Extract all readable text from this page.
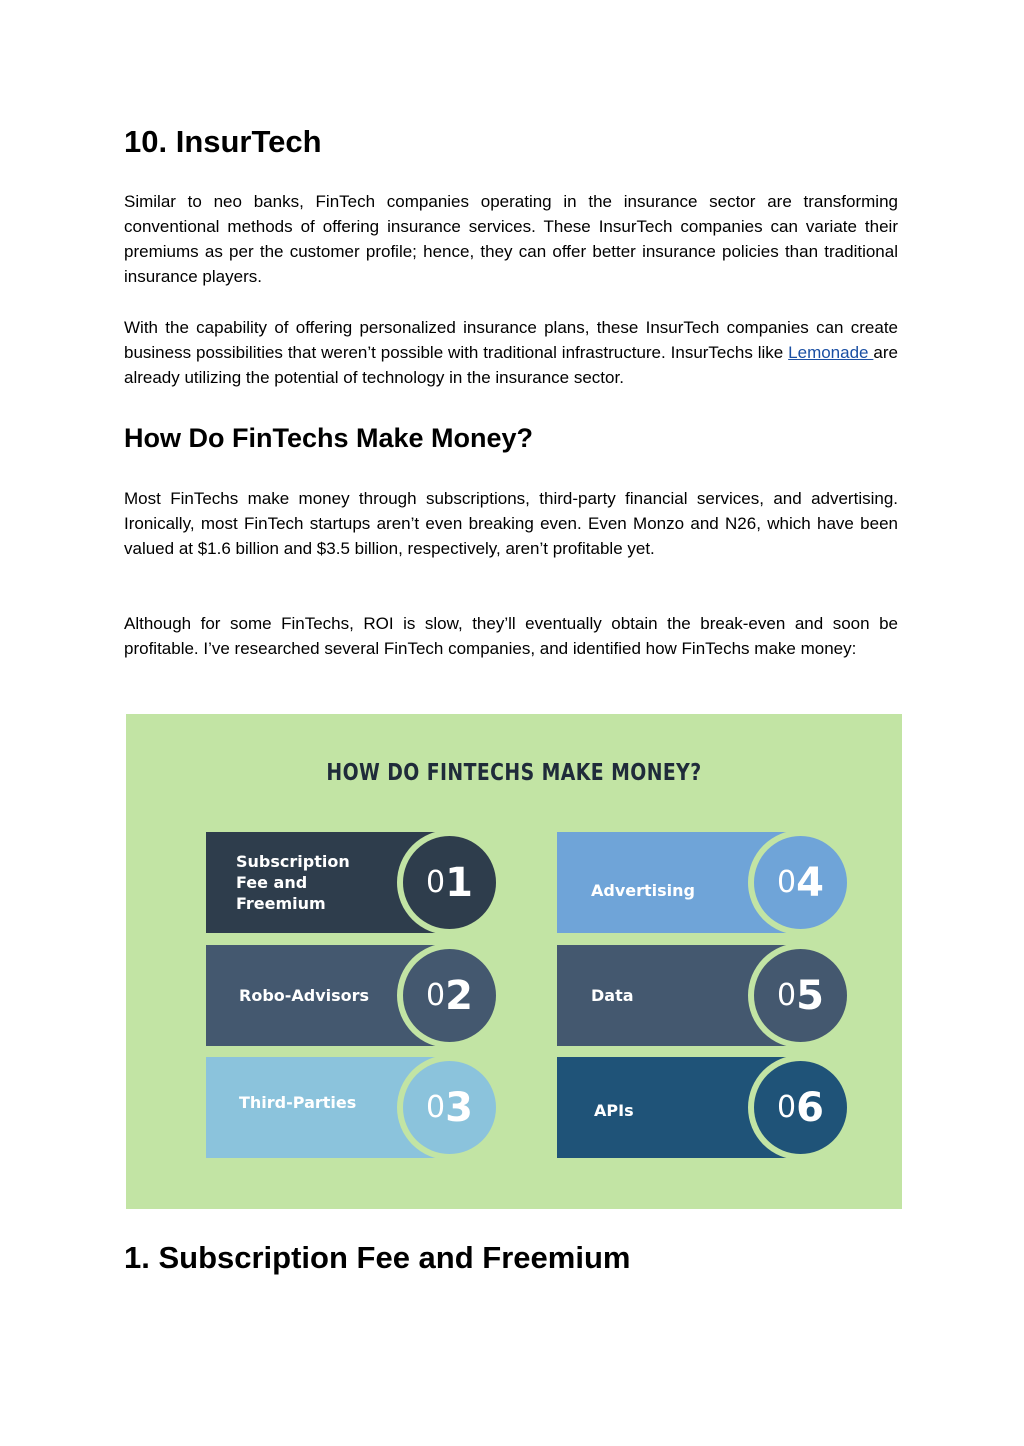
10. InsurTech

Similar to neo banks, FinTech companies operating in the insurance sector are transforming conventional methods of offering insurance services. These InsurTech companies can variate their premiums as per the customer profile; hence, they can offer better insurance policies than traditional insurance players.

With the capability of offering personalized insurance plans, these InsurTech companies can create business possibilities that weren’t possible with traditional infrastructure. InsurTechs like Lemonade are already utilizing the potential of technology in the insurance sector.

How Do FinTechs Make Money?

Most FinTechs make money through subscriptions, third-party financial services, and advertising. Ironically, most FinTech startups aren’t even breaking even. Even Monzo and N26, which have been valued at $1.6 billion and $3.5 billion, respectively, aren’t profitable yet.

Although for some FinTechs, ROI is slow, they’ll eventually obtain the break-even and soon be profitable. I’ve researched several FinTech companies, and identified how FinTechs make money:

HOW DO FINTECHS MAKE MONEY?
Subscription
Fee and
Freemium
0 1
Robo-Advisors 0 2
Third-Parties 0 3
Advertising	0 4
Data	0 5
APIs	0 6
1. Subscription Fee and Freemium
